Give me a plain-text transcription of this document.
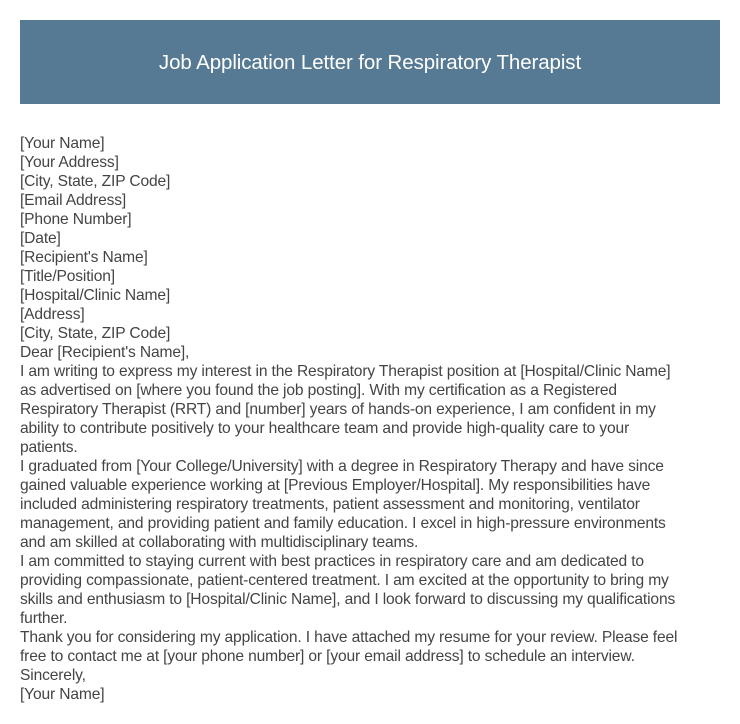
Job Application Letter for Respiratory Therapist
[Your Name]
[Your Address]
[City, State, ZIP Code]
[Email Address]
[Phone Number]
[Date]
[Recipient's Name]
[Title/Position]
[Hospital/Clinic Name]
[Address]
[City, State, ZIP Code]
Dear [Recipient's Name],

I am writing to express my interest in the Respiratory Therapist position at [Hospital/Clinic Name]
as advertised on [where you found the job posting]. With my certification as a Registered
Respiratory Therapist (RRT) and [number] years of hands-on experience, I am confident in my
ability to contribute positively to your healthcare team and provide high-quality care to your
patients.

I graduated from [Your College/University] with a degree in Respiratory Therapy and have since
gained valuable experience working at [Previous Employer/Hospital]. My responsibilities have
included administering respiratory treatments, patient assessment and monitoring, ventilator
management, and providing patient and family education. I excel in high-pressure environments
and am skilled at collaborating with multidisciplinary teams.

I am committed to staying current with best practices in respiratory care and am dedicated to
providing compassionate, patient-centered treatment. I am excited at the opportunity to bring my
skills and enthusiasm to [Hospital/Clinic Name], and I look forward to discussing my qualifications
further.

Thank you for considering my application. I have attached my resume for your review. Please feel
free to contact me at [your phone number] or [your email address] to schedule an interview.

Sincerely,
[Your Name]
